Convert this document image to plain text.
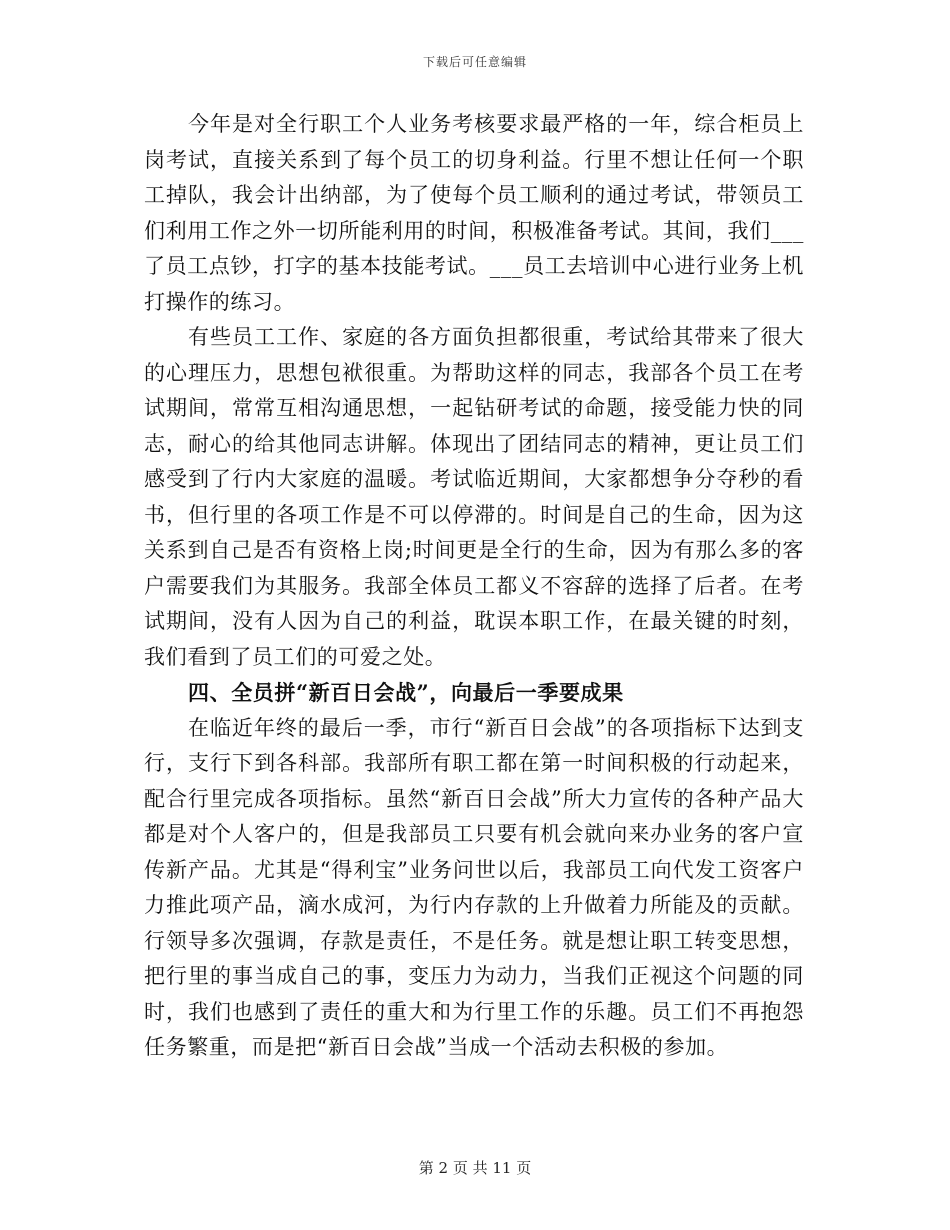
下载后可任意编辑

今年是对全行职工个人业务考核要求最严格的一年，综合柜员上岗考试，直接关系到了每个员工的切身利益。行里不想让任何一个职工掉队，我会计出纳部，为了使每个员工顺利的通过考试，带领员工们利用工作之外一切所能利用的时间，积极准备考试。其间，我们___了员工点钞，打字的基本技能考试。___员工去培训中心进行业务上机打操作的练习。

有些员工工作、家庭的各方面负担都很重，考试给其带来了很大的心理压力，思想包袱很重。为帮助这样的同志，我部各个员工在考试期间，常常互相沟通思想，一起钻研考试的命题，接受能力快的同志，耐心的给其他同志讲解。体现出了团结同志的精神，更让员工们感受到了行内大家庭的温暖。考试临近期间，大家都想争分夺秒的看书，但行里的各项工作是不可以停滞的。时间是自己的生命，因为这关系到自己是否有资格上岗;时间更是全行的生命，因为有那么多的客户需要我们为其服务。我部全体员工都义不容辞的选择了后者。在考试期间，没有人因为自己的利益，耽误本职工作，在最关键的时刻，我们看到了员工们的可爱之处。

四、全员拼“新百日会战”，向最后一季要成果

在临近年终的最后一季，市行“新百日会战”的各项指标下达到支行，支行下到各科部。我部所有职工都在第一时间积极的行动起来，配合行里完成各项指标。虽然“新百日会战”所大力宣传的各种产品大都是对个人客户的，但是我部员工只要有机会就向来办业务的客户宣传新产品。尤其是“得利宝”业务问世以后，我部员工向代发工资客户力推此项产品，滴水成河，为行内存款的上升做着力所能及的贡献。行领导多次强调，存款是责任，不是任务。就是想让职工转变思想，把行里的事当成自己的事，变压力为动力，当我们正视这个问题的同时，我们也感到了责任的重大和为行里工作的乐趣。员工们不再抱怨任务繁重，而是把“新百日会战”当成一个活动去积极的参加。

第 2 页 共 11 页
